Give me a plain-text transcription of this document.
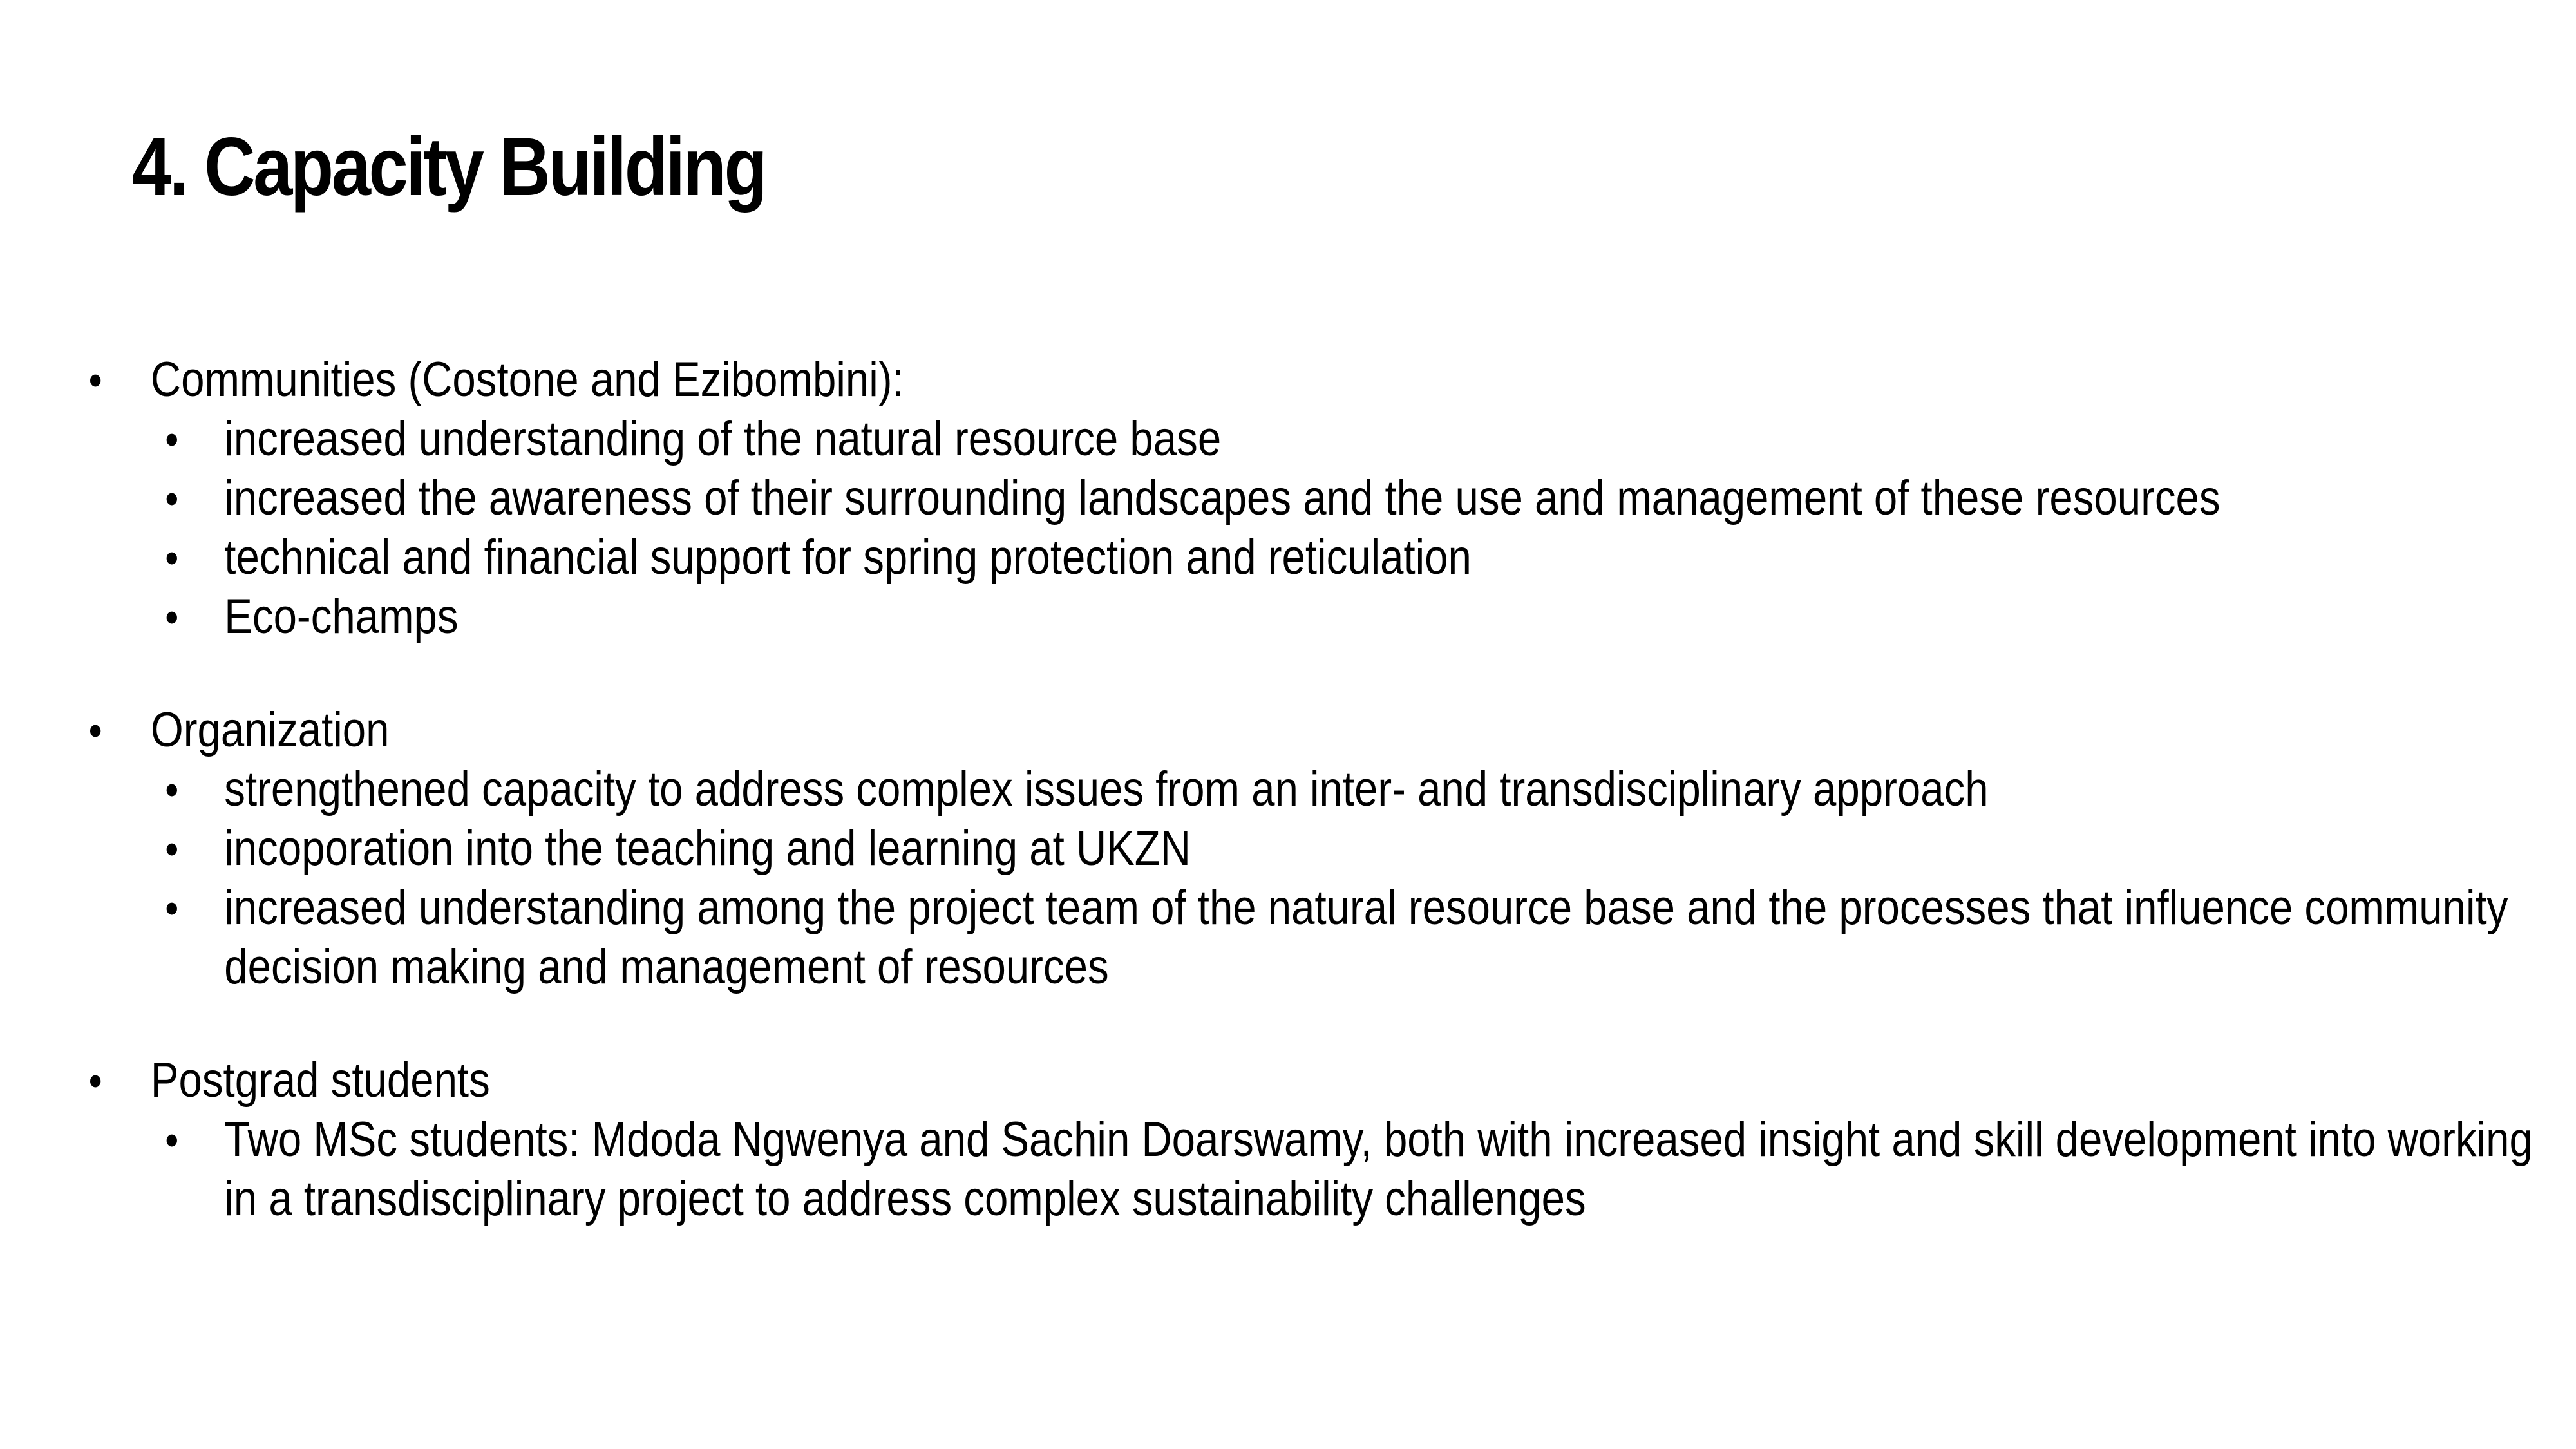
4. Capacity Building
• Communities (Costone and Ezibombini):
• increased understanding of the natural resource base
• increased the awareness of their surrounding landscapes and the use and management of these resources
• technical and financial support for spring protection and reticulation
• Eco-champs
• Organization
• strengthened capacity to address complex issues from an inter- and transdisciplinary approach
• incoporation into the teaching and learning at UKZN
• increased understanding among the project team of the natural resource base and the processes that influence community
decision making and management of resources
• Postgrad students
• Two MSc students: Mdoda Ngwenya and Sachin Doarswamy, both with increased insight and skill development into working
in a transdisciplinary project to address complex sustainability challenges
